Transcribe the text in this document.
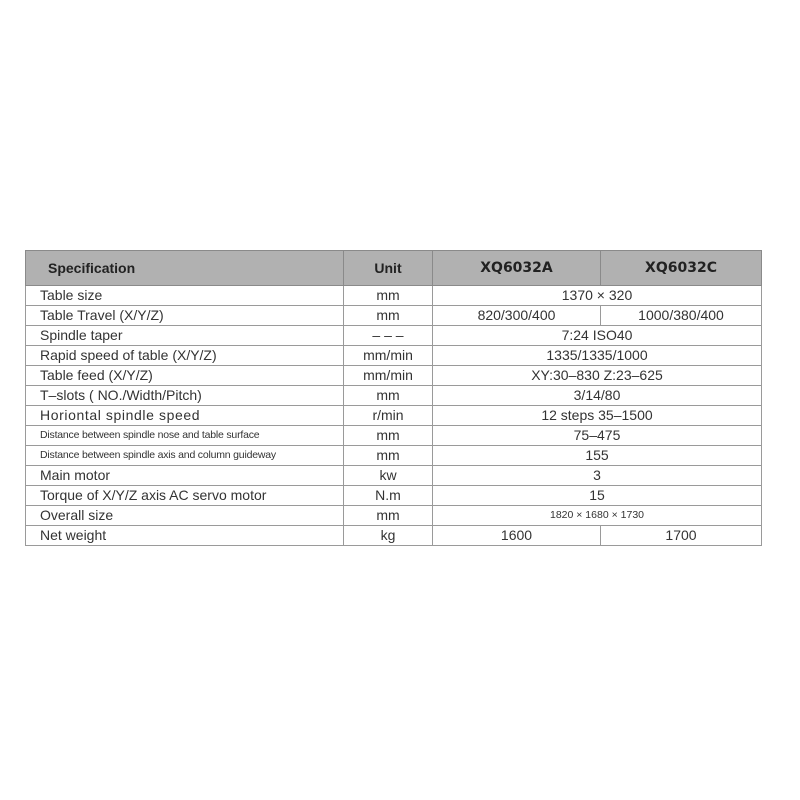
Specification	Unit	XQ6032A	XQ6032C
Table size	mm	1370 × 320	
Table Travel (X/Y/Z)	mm	820/300/400	1000/380/400
Spindle taper	– – –	7:24 ISO40	
Rapid speed of table (X/Y/Z)	mm/min	1335/1335/1000	
Table feed (X/Y/Z)	mm/min	XY:30–830 Z:23–625	
T–slots ( NO./Width/Pitch)	mm	3/14/80	
Horiontal spindle speed	r/min	12 steps 35–1500	
Distance between spindle nose and table surface	mm	75–475	
Distance between spindle axis and column guideway	mm	155	
Main motor	kw	3	
Torque of X/Y/Z axis AC servo motor	N.m	15	
Overall size	mm	1820 × 1680 × 1730	
Net weight	kg	1600	1700
